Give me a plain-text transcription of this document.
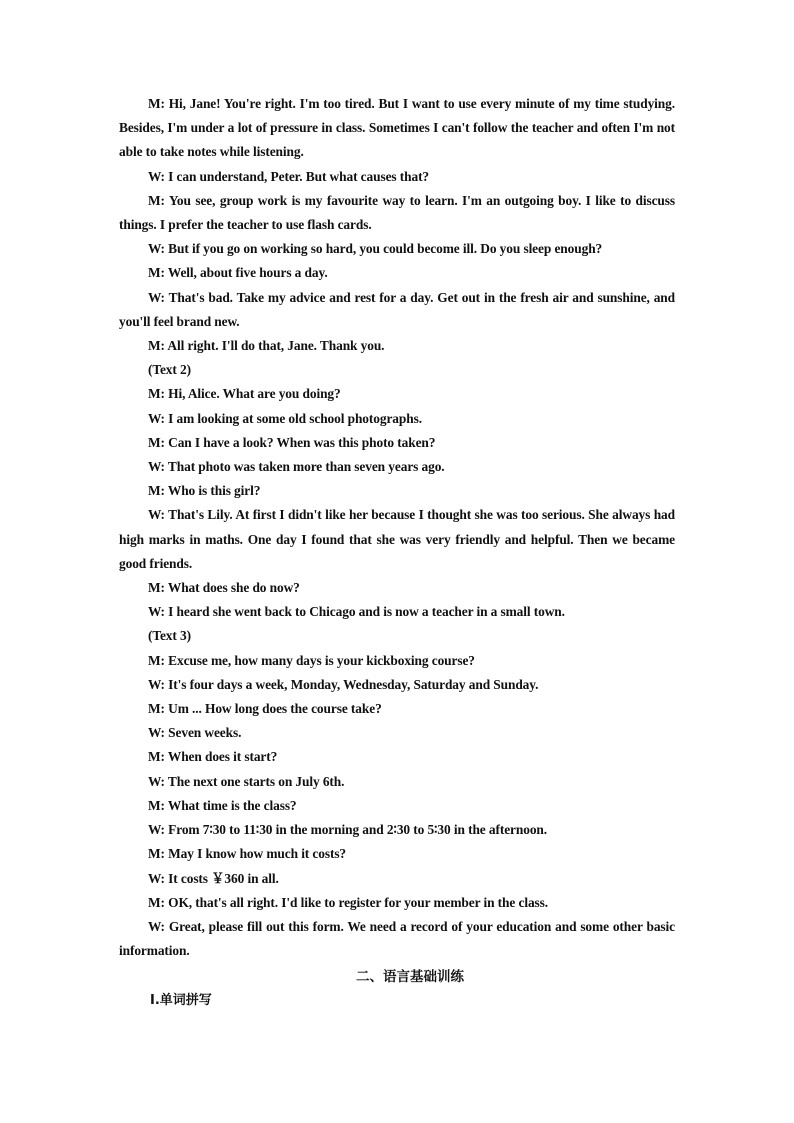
M: Hi, Jane! You're right. I'm too tired. But I want to use every minute of my time studying. Besides, I'm under a lot of pressure in class. Sometimes I can't follow the teacher and often I'm not able to take notes while listening.

W: I can understand, Peter. But what causes that?

M: You see, group work is my favourite way to learn. I'm an outgoing boy. I like to discuss things. I prefer the teacher to use flash cards.

W: But if you go on working so hard, you could become ill. Do you sleep enough?

M: Well, about five hours a day.

W: That's bad. Take my advice and rest for a day. Get out in the fresh air and sunshine, and you'll feel brand new.

M: All right. I'll do that, Jane. Thank you.

(Text 2)

M: Hi, Alice. What are you doing?

W: I am looking at some old school photographs.

M: Can I have a look? When was this photo taken?

W: That photo was taken more than seven years ago.

M: Who is this girl?

W: That's Lily. At first I didn't like her because I thought she was too serious. She always had high marks in maths. One day I found that she was very friendly and helpful. Then we became good friends.

M: What does she do now?

W: I heard she went back to Chicago and is now a teacher in a small town.

(Text 3)

M: Excuse me, how many days is your kickboxing course?

W: It's four days a week, Monday, Wednesday, Saturday and Sunday.

M: Um ... How long does the course take?

W: Seven weeks.

M: When does it start?

W: The next one starts on July 6th.

M: What time is the class?

W: From 7∶30 to 11∶30 in the morning and 2∶30 to 5∶30 in the afternoon.

M: May I know how much it costs?

W: It costs ￥360 in all.

M: OK, that's all right. I'd like to register for your member in the class.

W: Great, please fill out this form. We need a record of your education and some other basic information.

二、语言基础训练
Ⅰ.单词拼写
